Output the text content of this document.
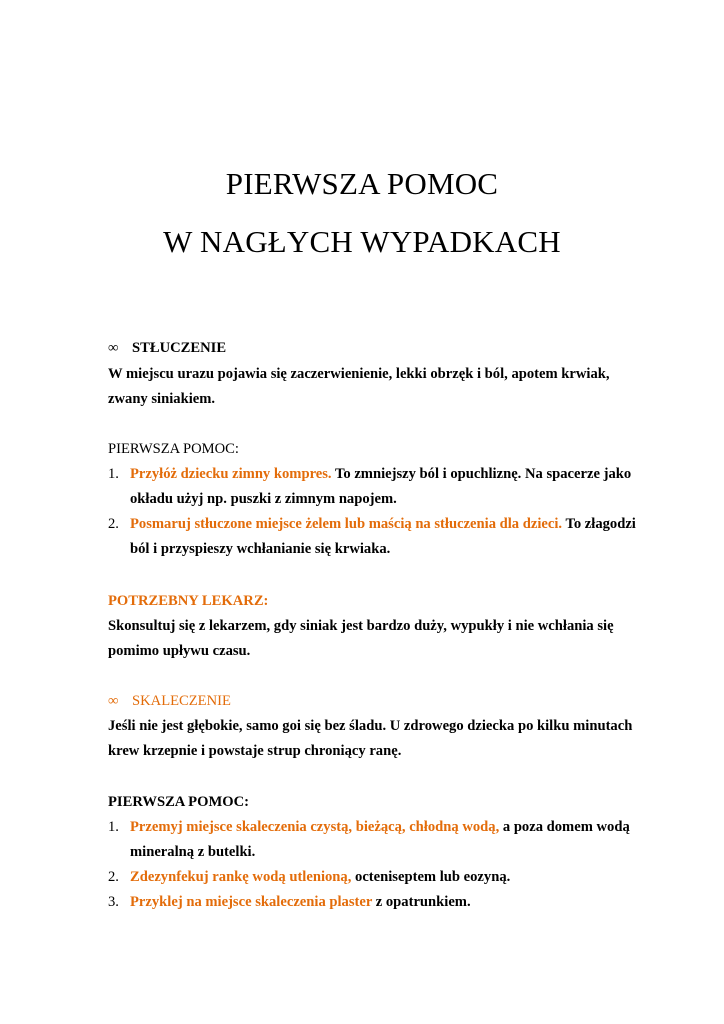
PIERWSZA POMOC
W NAGŁYCH WYPADKACH
∞ STŁUCZENIE
W miejscu urazu pojawia się zaczerwienienie, lekki obrzęk i ból, apotem krwiak,
zwany siniakiem.
PIERWSZA POMOC:
1. Przyłóż dziecku zimny kompres. To zmniejszy ból i opuchliznę. Na spacerze jako
okładu użyj np. puszki z zimnym napojem.
2. Posmaruj stłuczone miejsce żelem lub maścią na stłuczenia dla dzieci. To złagodzi
ból i przyspieszy wchłanianie się krwiaka.
POTRZEBNY LEKARZ:
Skonsultuj się z lekarzem, gdy siniak jest bardzo duży, wypukły i nie wchłania się
pomimo upływu czasu.
∞ SKALECZENIE
Jeśli nie jest głębokie, samo goi się bez śladu. U zdrowego dziecka po kilku minutach
krew krzepnie i powstaje strup chroniący ranę.
PIERWSZA POMOC:
1. Przemyj miejsce skaleczenia czystą, bieżącą, chłodną wodą, a poza domem wodą
mineralną z butelki.
2. Zdezynfekuj rankę wodą utlenioną, octeniseptem lub eozyną.
3. Przyklej na miejsce skaleczenia plaster z opatrunkiem.
